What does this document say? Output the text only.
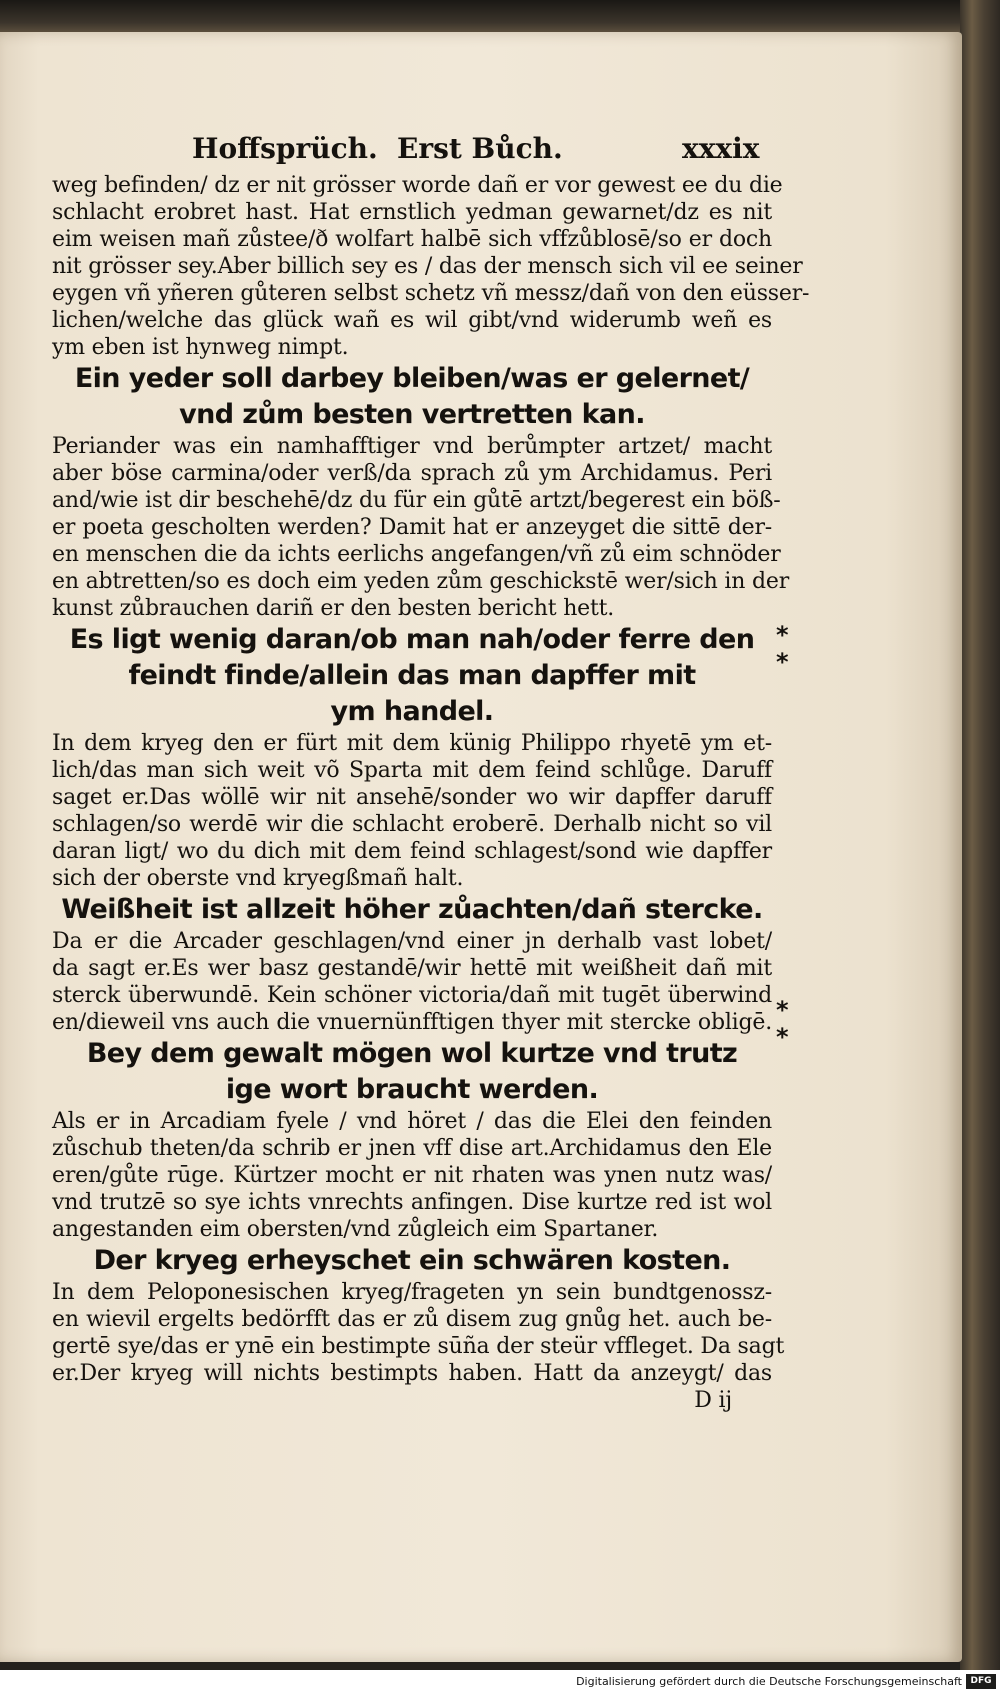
Hoffsprüch. Erst Bůch.	xxxix
weg befinden/ dz er nit grösser worde dañ er vor gewest ee du die
schlacht erobret hast. Hat ernstlich yedman gewarnet/dz es nit
eim weisen mañ zůstee/ð wolfart halbē sich vffzůblosē/so er doch
nit grösser sey.Aber billich sey es / das der mensch sich vil ee seiner
eygen vñ yñeren gůteren selbst schetz vñ messz/dañ von den eüsser-
lichen/welche das glück wañ es wil gibt/vnd widerumb weñ es
ym eben ist hynweg nimpt.
Ein yeder soll darbey bleiben/was er gelernet/
vnd zům besten vertretten kan.
Periander was ein namhafftiger vnd berůmpter artzet/ macht
aber böse carmina/oder verß/da sprach zů ym Archidamus. Peri
and/wie ist dir beschehē/dz du für ein gůtē artzt/begerest ein böß-
er poeta gescholten werden? Damit hat er anzeyget die sittē der-
en menschen die da ichts eerlichs angefangen/vñ zů eim schnöder
en abtretten/so es doch eim yeden zům geschickstē wer/sich in der
kunst zůbrauchen dariñ er den besten bericht hett.
Es ligt wenig daran/ob man nah/oder ferre den
feindt finde/allein das man dapffer mit
ym handel.
In dem kryeg den er fürt mit dem künig Philippo rhyetē ym et-
lich/das man sich weit võ Sparta mit dem feind schlůge. Daruff
saget er.Das wöllē wir nit ansehē/sonder wo wir dapffer daruff
schlagen/so werdē wir die schlacht eroberē. Derhalb nicht so vil
daran ligt/ wo du dich mit dem feind schlagest/sond wie dapffer
sich der oberste vnd kryegßmañ halt.
Weißheit ist allzeit höher zůachten/dañ stercke.
Da er die Arcader geschlagen/vnd einer jn derhalb vast lobet/
da sagt er.Es wer basz gestandē/wir hettē mit weißheit dañ mit
sterck überwundē. Kein schöner victoria/dañ mit tugēt überwind
en/dieweil vns auch die vnuernünfftigen thyer mit stercke obligē.
Bey dem gewalt mögen wol kurtze vnd trutz
ige wort braucht werden.
Als er in Arcadiam fyele / vnd höret / das die Elei den feinden
zůschub theten/da schrib er jnen vff dise art.Archidamus den Ele
eren/gůte rūge. Kürtzer mocht er nit rhaten was ynen nutz was/
vnd trutzē so sye ichts vnrechts anfingen. Dise kurtze red ist wol
angestanden eim obersten/vnd zůgleich eim Spartaner.
Der kryeg erheyschet ein schwären kosten.
In dem Peloponesischen kryeg/frageten yn sein bundtgenossz-
en wievil ergelts bedörfft das er zů disem zug gnůg het. auch be-
gertē sye/das er ynē ein bestimpte sūña der steür vffleget. Da sagt
er.Der kryeg will nichts bestimpts haben. Hatt da anzeygt/ das
D ij
*
*
*
*
Digitalisierung gefördert durch die Deutsche Forschungsgemeinschaft DFG
